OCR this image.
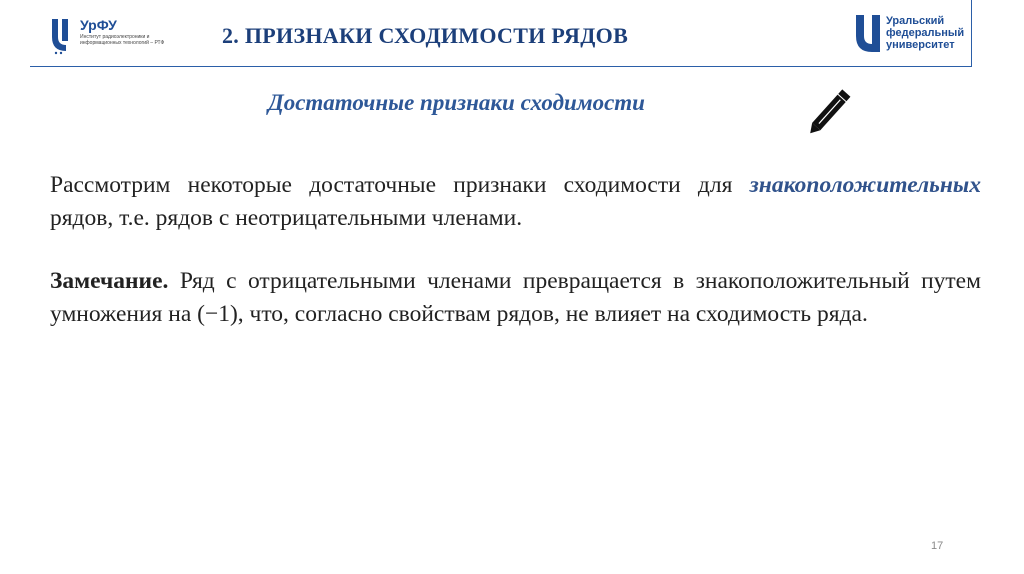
УрФУ
Институт радиоэлектроники и информационных технологий – РТФ	2. ПРИЗНАКИ СХОДИМОСТИ РЯДОВ
Уральский
федеральный
университет
Достаточные признаки сходимости

Рассмотрим некоторые достаточные признаки сходимости для знакоположительных рядов, т.е. рядов с неотрицательными членами.

Замечание. Ряд с отрицательными членами превращается в знакоположительный путем умножения на (−1), что, согласно свойствам рядов, не влияет на сходимость ряда.

17
